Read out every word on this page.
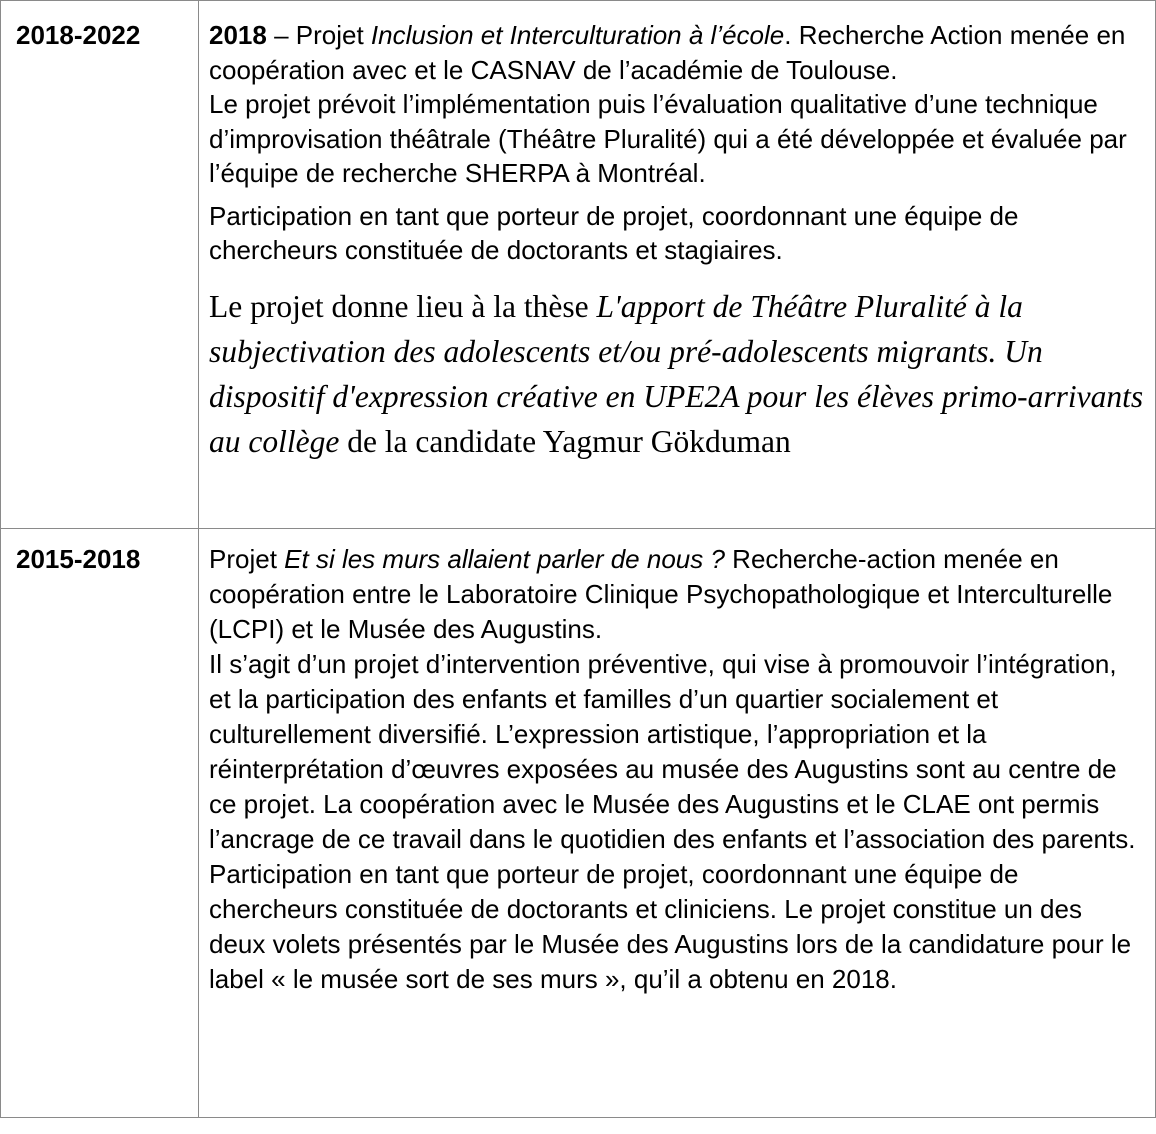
2018-2022	2018 – Projet Inclusion et Interculturation à l’école. Recherche Action menée en coopération avec et le CASNAV de l’académie de Toulouse.

Le projet prévoit l’implémentation puis l’évaluation qualitative d’une technique d’improvisation théâtrale (Théâtre Pluralité) qui a été développée et évaluée par l’équipe de recherche SHERPA à Montréal.

Participation en tant que porteur de projet, coordonnant une équipe de chercheurs constituée de doctorants et stagiaires.

Le projet donne lieu à la thèse L'apport de Théâtre Pluralité à la subjectivation des adolescents et/ou pré-adolescents migrants. Un dispositif d'expression créative en UPE2A pour les élèves primo-arrivants au collège de la candidate Yagmur Gökduman

2015-2018	Projet Et si les murs allaient parler de nous ? Recherche-action menée en coopération entre le Laboratoire Clinique Psychopathologique et Interculturelle (LCPI) et le Musée des Augustins.

Il s’agit d’un projet d’intervention préventive, qui vise à promouvoir l’intégration, et la participation des enfants et familles d’un quartier socialement et culturellement diversifié. L’expression artistique, l’appropriation et la réinterprétation d’œuvres exposées au musée des Augustins sont au centre de ce projet. La coopération avec le Musée des Augustins et le CLAE ont permis l’ancrage de ce travail dans le quotidien des enfants et l’association des parents.

Participation en tant que porteur de projet, coordonnant une équipe de chercheurs constituée de doctorants et cliniciens. Le projet constitue un des deux volets présentés par le Musée des Augustins lors de la candidature pour le label « le musée sort de ses murs », qu’il a obtenu en 2018.
